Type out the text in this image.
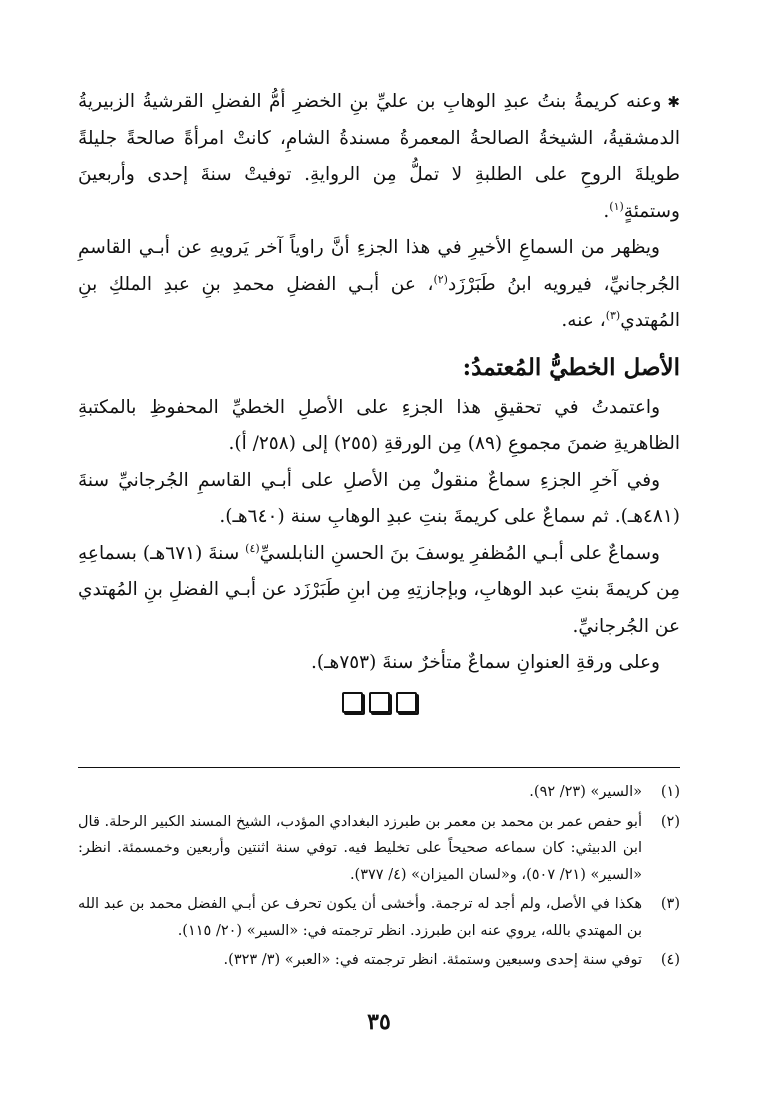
✱وعنه كريمةُ بنتُ عبدِ الوهابِ بن عليِّ بنِ الخضرِ أمُّ الفضلِ القرشيةُ الزبيريةُ الدمشقيةُ، الشيخةُ الصالحةُ المعمرةُ مسندةُ الشامِ، كانتْ امرأةً صالحةً جليلةً طويلةَ الروحِ على الطلبةِ لا تملُّ مِن الروايةِ. توفيتْ سنةَ إحدى وأربعينَ وستمئةٍ$^{(١)}$.

ويظهر من السماعِ الأخيرِ في هذا الجزءِ أنَّ راوياً آخر يَرويهِ عن أبـي القاسمِ الجُرجانيِّ، فيرويه ابنُ طَبَرْزَد$^{(٢)}$، عن أبـي الفضلِ محمدِ بنِ عبدِ الملكِ بنِ المُهتدي$^{(٣)}$، عنه.

الأصل الخطيُّ المُعتمدُ:

واعتمدتُ في تحقيقِ هذا الجزءِ على الأصلِ الخطيِّ المحفوظِ بالمكتبةِ الظاهريةِ ضمنَ مجموعِ (٨٩) مِن الورقةِ (٢٥٥) إلى (٢٥٨/ أ).

وفي آخرِ الجزءِ سماعٌ منقولٌ مِن الأصلِ على أبـي القاسمِ الجُرجانيِّ سنةَ (٤٨١هـ). ثم سماعٌ على كريمةَ بنتِ عبدِ الوهابِ سنة (٦٤٠هـ).

وسماعٌ على أبـي المُظفرِ يوسفَ بنَ الحسنِ النابلسيِّ$^{(٤)}$ سنةَ (٦٧١هـ) بسماعِهِ مِن كريمةَ بنتِ عبد الوهابِ، وبإجازتِهِ مِن ابنِ طَبَرْزَد عن أبـي الفضلِ بنِ المُهتدي عن الجُرجانيِّ.

وعلى ورقةِ العنوانِ سماعٌ متأخرٌ سنةَ (٧٥٣هـ).

(١)
«السير» (٢٣/ ٩٢).
(٢)
أبو حفص عمر بن محمد بن معمر بن طبرزد البغدادي المؤدب، الشيخ المسند الكبير الرحلة. قال ابن الدبيثي: كان سماعه صحيحاً على تخليط فيه. توفي سنة اثنتين وأربعين وخمسمئة. انظر: «السير» (٢١/ ٥٠٧)، و«لسان الميزان» (٤/ ٣٧٧).
(٣)
هكذا في الأصل، ولم أجد له ترجمة. وأخشى أن يكون تحرف عن أبـي الفضل محمد بن عبد الله بن المهتدي بالله، يروي عنه ابن طبرزد. انظر ترجمته في: «السير» (٢٠/ ١١٥).
(٤)
توفي سنة إحدى وسبعين وستمئة. انظر ترجمته في: «العبر» (٣/ ٣٢٣).
٣٥
